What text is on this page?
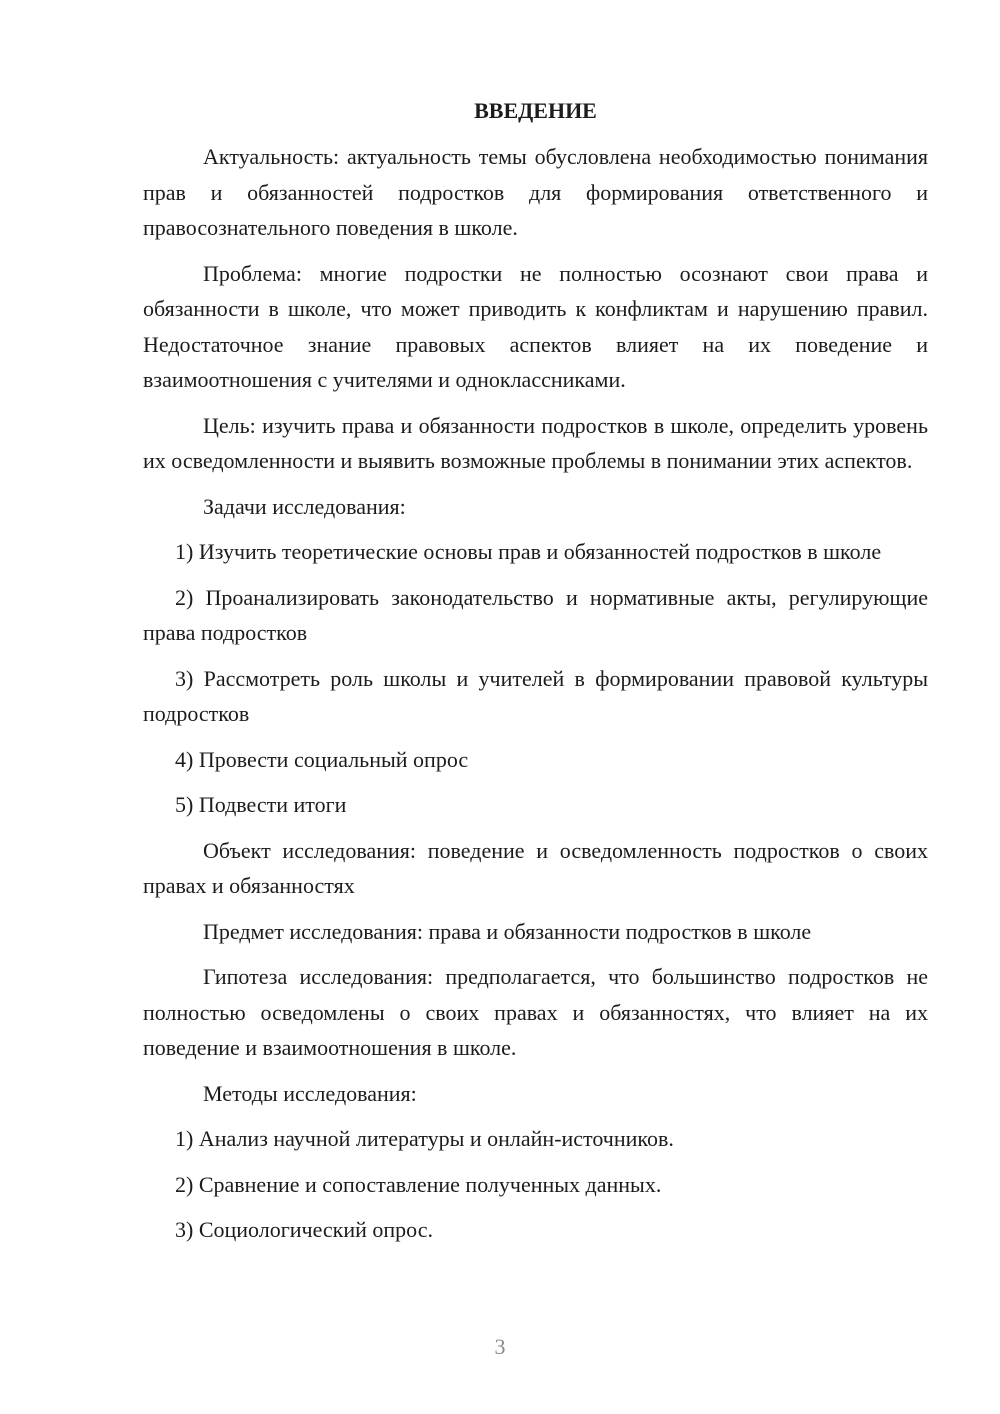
ВВЕДЕНИЕ

Актуальность: актуальность темы обусловлена необходимостью понимания прав и обязанностей подростков для формирования ответственного и правосознательного поведения в школе.

Проблема: многие подростки не полностью осознают свои права и обязанности в школе, что может приводить к конфликтам и нарушению правил. Недостаточное знание правовых аспектов влияет на их поведение и взаимоотношения с учителями и одноклассниками.

Цель: изучить права и обязанности подростков в школе, определить уровень их осведомленности и выявить возможные проблемы в понимании этих аспектов.

Задачи исследования:

1) Изучить теоретические основы прав и обязанностей подростков в школе

2) Проанализировать законодательство и нормативные акты, регулирующие права подростков

3) Рассмотреть роль школы и учителей в формировании правовой культуры подростков

4) Провести социальный опрос

5) Подвести итоги

Объект исследования: поведение и осведомленность подростков о своих правах и обязанностях

Предмет исследования: права и обязанности подростков в школе

Гипотеза исследования: предполагается, что большинство подростков не полностью осведомлены о своих правах и обязанностях, что влияет на их поведение и взаимоотношения в школе.

Методы исследования:

1) Анализ научной литературы и онлайн-источников.

2) Сравнение и сопоставление полученных данных.

3) Социологический опрос.

3
